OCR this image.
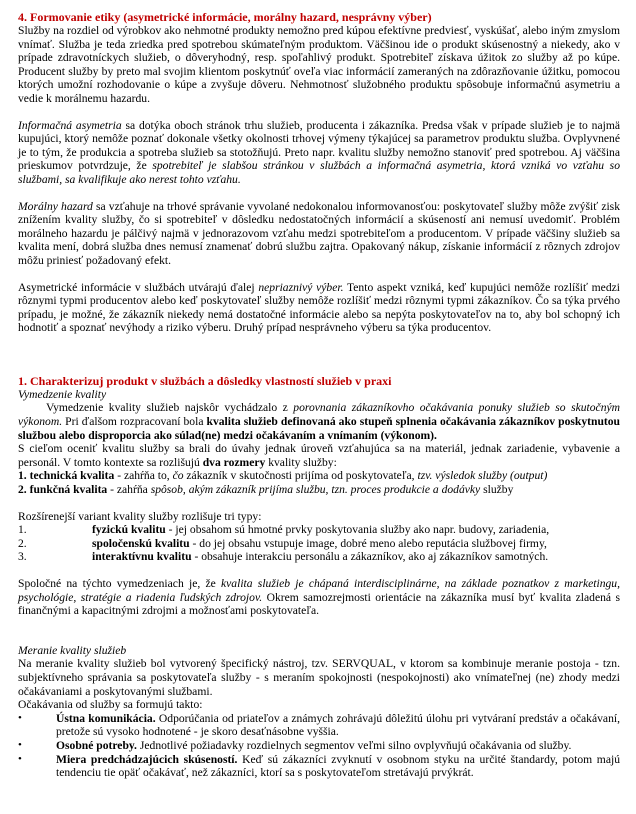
4. Formovanie etiky (asymetrické informácie, morálny hazard, nesprávny výber)

Služby na rozdiel od výrobkov ako nehmotné produkty nemožno pred kúpou efektívne predviesť, vyskúšať, alebo iným zmyslom vnímať. Služba je teda zriedka pred spotrebou skúmateľným produktom. Väčšinou ide o produkt skúsenostný a niekedy, ako v prípade zdravotníckych služieb, o dôveryhodný, resp. spoľahlivý produkt. Spotrebiteľ získava úžitok zo služby až po kúpe. Producent služby by preto mal svojim klientom poskytnúť oveľa viac informácií zameraných na zdôrazňovanie úžitku, pomocou ktorých umožní rozhodovanie o kúpe a zvyšuje dôveru. Nehmotnosť služobného produktu spôsobuje informačnú asymetriu a vedie k morálnemu hazardu.

Informačná asymetria sa dotýka oboch stránok trhu služieb, producenta i zákazníka. Predsa však v prípade služieb je to najmä kupujúci, ktorý nemôže poznať dokonale všetky okolnosti trhovej výmeny týkajúcej sa parametrov produktu služba. Ovplyvnené je to tým, že produkcia a spotreba služieb sa stotožňujú. Preto napr. kvalitu služby nemožno stanoviť pred spotrebou. Aj väčšina prieskumov potvrdzuje, že spotrebiteľ je slabšou stránkou v službách a informačná asymetria, ktorá vzniká vo vzťahu so službami, sa kvalifikuje ako nerest tohto vzťahu.

Morálny hazard sa vzťahuje na trhové správanie vyvolané nedokonalou informovanosťou: poskytovateľ služby môže zvýšiť zisk znížením kvality služby, čo si spotrebiteľ v dôsledku nedostatočných informácií a skúseností ani nemusí uvedomiť. Problém morálneho hazardu je pálčivý najmä v jednorazovom vzťahu medzi spotrebiteľom a producentom. V prípade väčšiny služieb sa kvalita mení, dobrá služba dnes nemusí znamenať dobrú službu zajtra. Opakovaný nákup, získanie informácií z rôznych zdrojov môžu priniesť požadovaný efekt.

Asymetrické informácie v službách utvárajú ďalej nepriaznivý výber. Tento aspekt vzniká, keď kupujúci nemôže rozlíšiť medzi rôznymi typmi producentov alebo keď poskytovateľ služby nemôže rozlíšiť medzi rôznymi typmi zákazníkov. Čo sa týka prvého prípadu, je možné, že zákazník niekedy nemá dostatočné informácie alebo sa nepýta poskytovateľov na to, aby bol schopný ich hodnotiť a spoznať nevýhody a riziko výberu. Druhý prípad nesprávneho výberu sa týka producentov.

1. Charakterizuj produkt v službách a dôsledky vlastností služieb v praxi
Vymedzenie kvality

Vymedzenie kvality služieb najskôr vychádzalo z porovnania zákazníkovho očakávania ponuky služieb so skutočným výkonom. Pri ďalšom rozpracovaní bola kvalita služieb definovaná ako stupeň splnenia očakávania zákazníkov poskytnutou službou alebo disproporcia ako súlad(ne) medzi očakávaním a vnímaním (výkonom).

S cieľom oceniť kvalitu služby sa brali do úvahy jednak úroveň vzťahujúca sa na materiál, jednak zariadenie, vybavenie a personál. V tomto kontexte sa rozlišujú dva rozmery kvality služby:

1. technická kvalita - zahŕňa to, čo zákazník v skutočnosti prijíma od poskytovateľa, tzv. výsledok služby (output)
2. funkčná kvalita - zahŕňa spôsob, akým zákazník prijíma službu, tzn. proces produkcie a dodávky služby
Rozšírenejší variant kvality služby rozlišuje tri typy:
1.	fyzickú kvalitu - jej obsahom sú hmotné prvky poskytovania služby ako napr. budovy, zariadenia,
2.	spoločenskú kvalitu - do jej obsahu vstupuje image, dobré meno alebo reputácia službovej firmy,
3.	interaktívnu kvalitu - obsahuje interakciu personálu a zákazníkov, ako aj zákazníkov samotných.

Spoločné na týchto vymedzeniach je, že kvalita služieb je chápaná interdisciplinárne, na základe poznatkov z marketingu, psychológie, stratégie a riadenia ľudských zdrojov. Okrem samozrejmosti orientácie na zákazníka musí byť kvalita zladená s finančnými a kapacitnými zdrojmi a možnosťami poskytovateľa.

Meranie kvality služieb

Na meranie kvality služieb bol vytvorený špecifický nástroj, tzv. SERVQUAL, v ktorom sa kombinuje meranie postoja - tzn. subjektívneho správania sa poskytovateľa služby - s meraním spokojnosti (nespokojnosti) ako vnímateľnej (ne) zhody medzi očakávaniami a poskytovanými službami.

Očakávania od služby sa formujú takto:
•	Ústna komunikácia. Odporúčania od priateľov a známych zohrávajú dôležitú úlohu pri vytváraní predstáv a očakávaní, pretože sú vysoko hodnotené - je skoro desaťnásobne vyššia.
•	Osobné potreby. Jednotlivé požiadavky rozdielnych segmentov veľmi silno ovplyvňujú očakávania od služby.
•	Miera predchádzajúcich skúseností. Keď sú zákazníci zvyknutí v osobnom styku na určité štandardy, potom majú tendenciu tie opäť očakávať, než zákazníci, ktorí sa s poskytovateľom stretávajú prvýkrát.
